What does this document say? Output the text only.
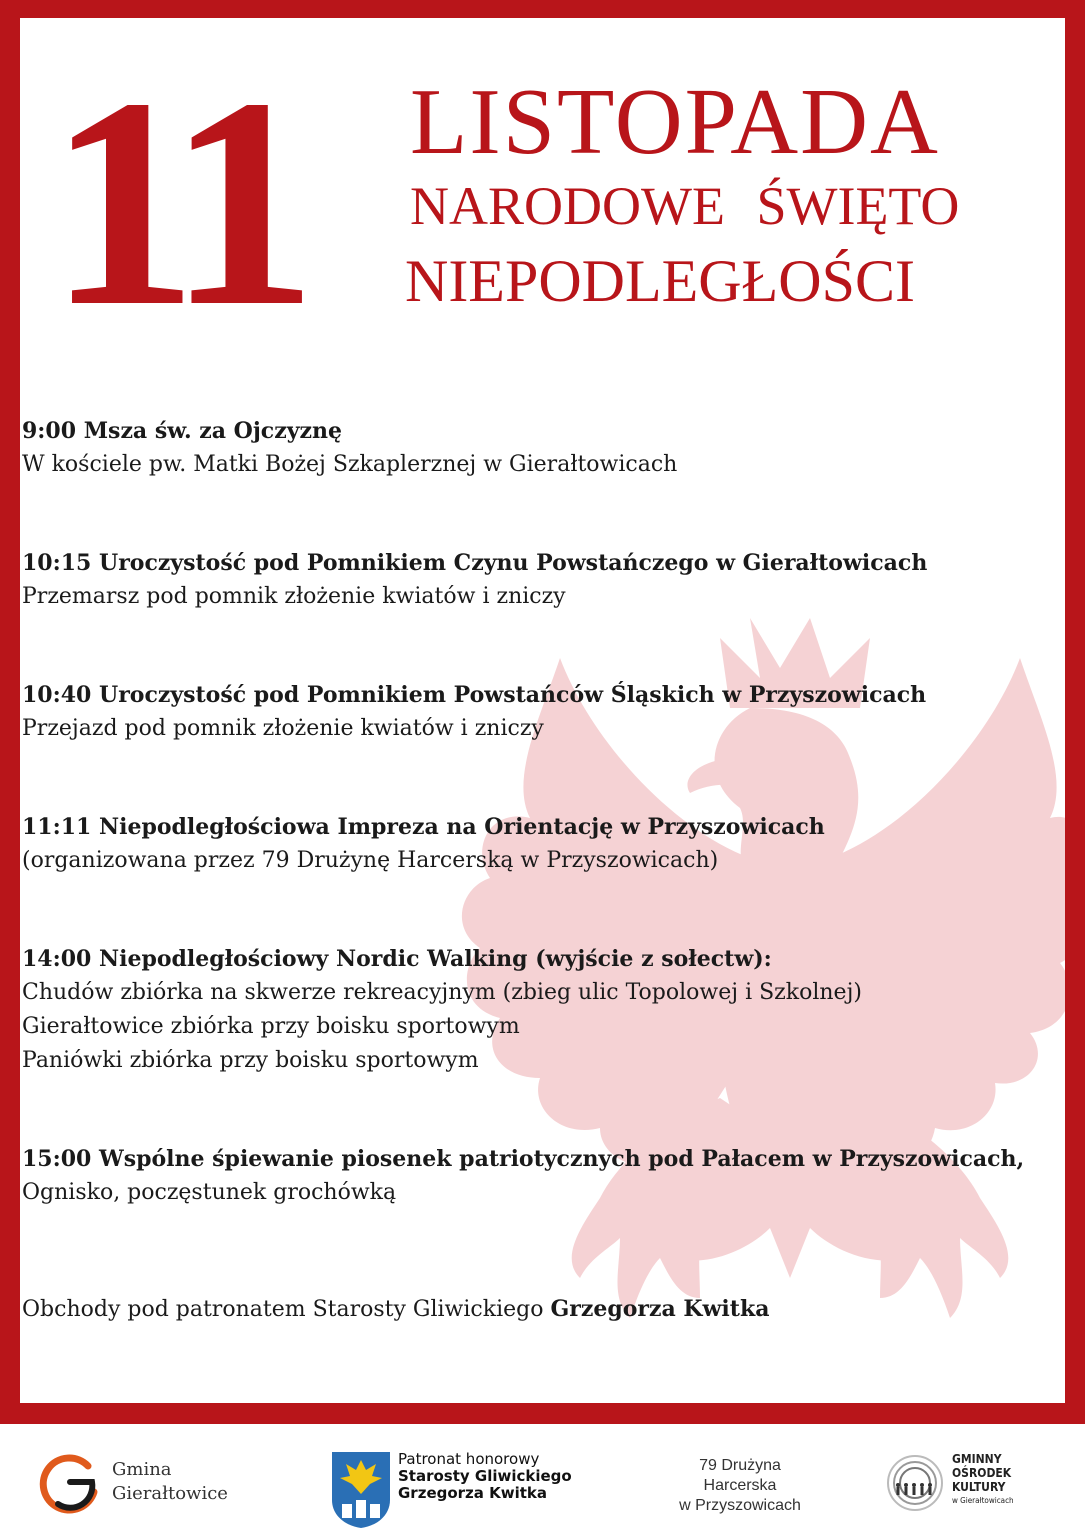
11 LISTOPADA
NARODOWE ŚWIĘTO
NIEPODLEGŁOŚCI
9:00 Msza św. za Ojczyznę
W kościele pw. Matki Bożej Szkaplerznej w Gierałtowicach
10:15 Uroczystość pod Pomnikiem Czynu Powstańczego w Gierałtowicach
Przemarsz pod pomnik złożenie kwiatów i zniczy
10:40 Uroczystość pod Pomnikiem Powstańców Śląskich w Przyszowicach
Przejazd pod pomnik złożenie kwiatów i zniczy
11:11 Niepodległościowa Impreza na Orientację w Przyszowicach
(organizowana przez 79 Drużynę Harcerską w Przyszowicach)
14:00 Niepodległościowy Nordic Walking (wyjście z sołectw):
Chudów zbiórka na skwerze rekreacyjnym (zbieg ulic Topolowej i Szkolnej)
Gierałtowice zbiórka przy boisku sportowym
Paniówki zbiórka przy boisku sportowym
15:00 Wspólne śpiewanie piosenek patriotycznych pod Pałacem w Przyszowicach,
Ognisko, poczęstunek grochówką
Obchody pod patronatem Starosty Gliwickiego Grzegorza Kwitka
Gmina
Gierałtowice
Patronat honorowy
Starosty Gliwickiego
Grzegorza Kwitka
79 Drużyna
Harcerska
w Przyszowicach
GMINNY
OŚRODEK
KULTURY
w Gierałtowicach
